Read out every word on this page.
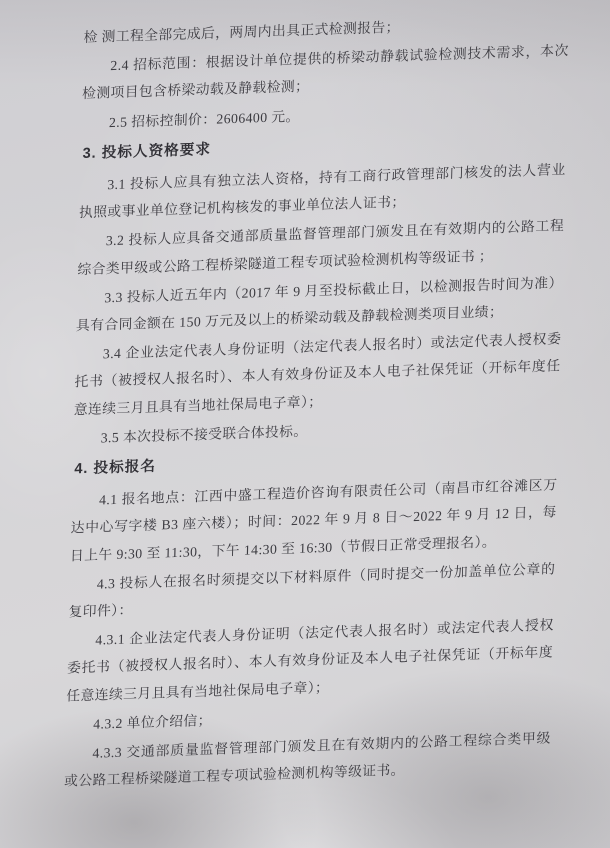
检 测工程全部完成后，两周内出具正式检测报告；

2.4 招标范围：根据设计单位提供的桥梁动静载试验检测技术需求，本次检测项目包含桥梁动载及静载检测；

2.5 招标控制价：2606400 元。

3. 投标人资格要求

3.1 投标人应具有独立法人资格，持有工商行政管理部门核发的法人营业执照或事业单位登记机构核发的事业单位法人证书；

3.2 投标人应具备交通部质量监督管理部门颁发且在有效期内的公路工程综合类甲级或公路工程桥梁隧道工程专项试验检测机构等级证书 ；

3.3 投标人近五年内（2017 年 9 月至投标截止日，以检测报告时间为准）具有合同金额在 150 万元及以上的桥梁动载及静载检测类项目业绩；

3.4 企业法定代表人身份证明（法定代表人报名时）或法定代表人授权委托书（被授权人报名时）、本人有效身份证及本人电子社保凭证（开标年度任意连续三月且具有当地社保局电子章）；

3.5 本次投标不接受联合体投标。

4. 投标报名

4.1 报名地点：江西中盛工程造价咨询有限责任公司（南昌市红谷滩区万达中心写字楼 B3 座六楼）；时间：2022 年 9 月 8 日～2022 年 9 月 12 日，每日上午 9:30 至 11:30，下午 14:30 至 16:30（节假日正常受理报名）。

4.3 投标人在报名时须提交以下材料原件（同时提交一份加盖单位公章的复印件）：

4.3.1 企业法定代表人身份证明（法定代表人报名时）或法定代表人授权委托书（被授权人报名时）、本人有效身份证及本人电子社保凭证（开标年度任意连续三月且具有当地社保局电子章）；

4.3.2 单位介绍信；

4.3.3 交通部质量监督管理部门颁发且在有效期内的公路工程综合类甲级或公路工程桥梁隧道工程专项试验检测机构等级证书。
